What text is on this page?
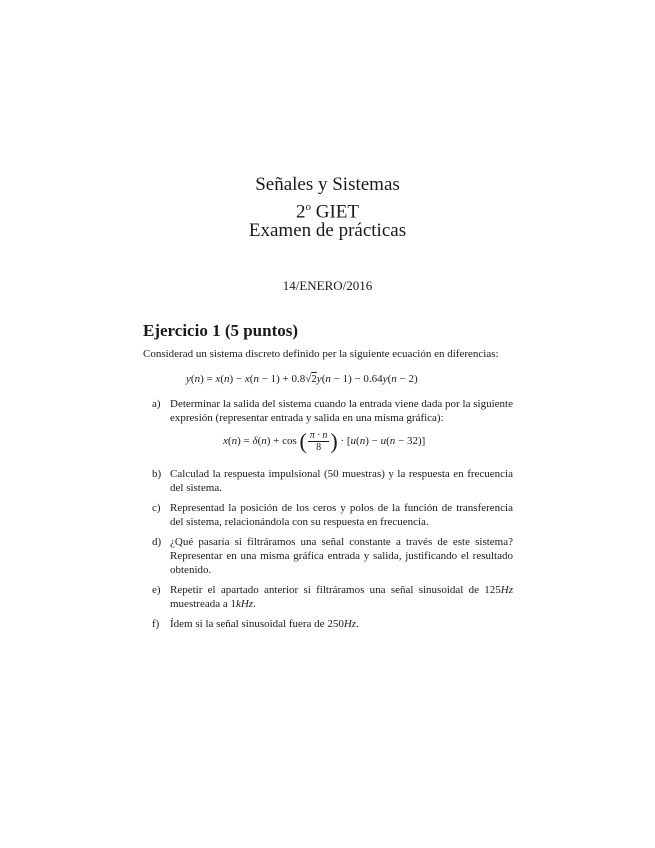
Señales y Sistemas
2$^o$ GIET
Examen de prácticas
14/ENERO/2016
Ejercicio 1 (5 puntos)
Considerad un sistema discreto definido per la siguiente ecuación en diferencias:
y(n) = x(n) − x(n − 1) + 0.8√2y(n − 1) − 0.64y(n − 2)
a) Determinar la salida del sistema cuando la entrada viene dada por la siguiente expresión (representar entrada y salida en una misma gráfica):
x(n) = δ(n) + cos ( $\frac{\pi \cdot n}{8}$ ) · [u(n) − u(n − 32)]
b) Calculad la respuesta impulsional (50 muestras) y la respuesta en frecuencia del sistema.
c) Representad la posición de los ceros y polos de la función de transferencia del sistema, relacionándola con su respuesta en frecuencia.
d) ¿Qué pasaría si filtráramos una señal constante a través de este sistema? Representar en una misma gráfica entrada y salida, justificando el resultado obtenido.
e) Repetir el apartado anterior si filtráramos una señal sinusoidal de 125Hz muestreada a 1kHz.
f) Ídem si la señal sinusoidal fuera de 250Hz.
